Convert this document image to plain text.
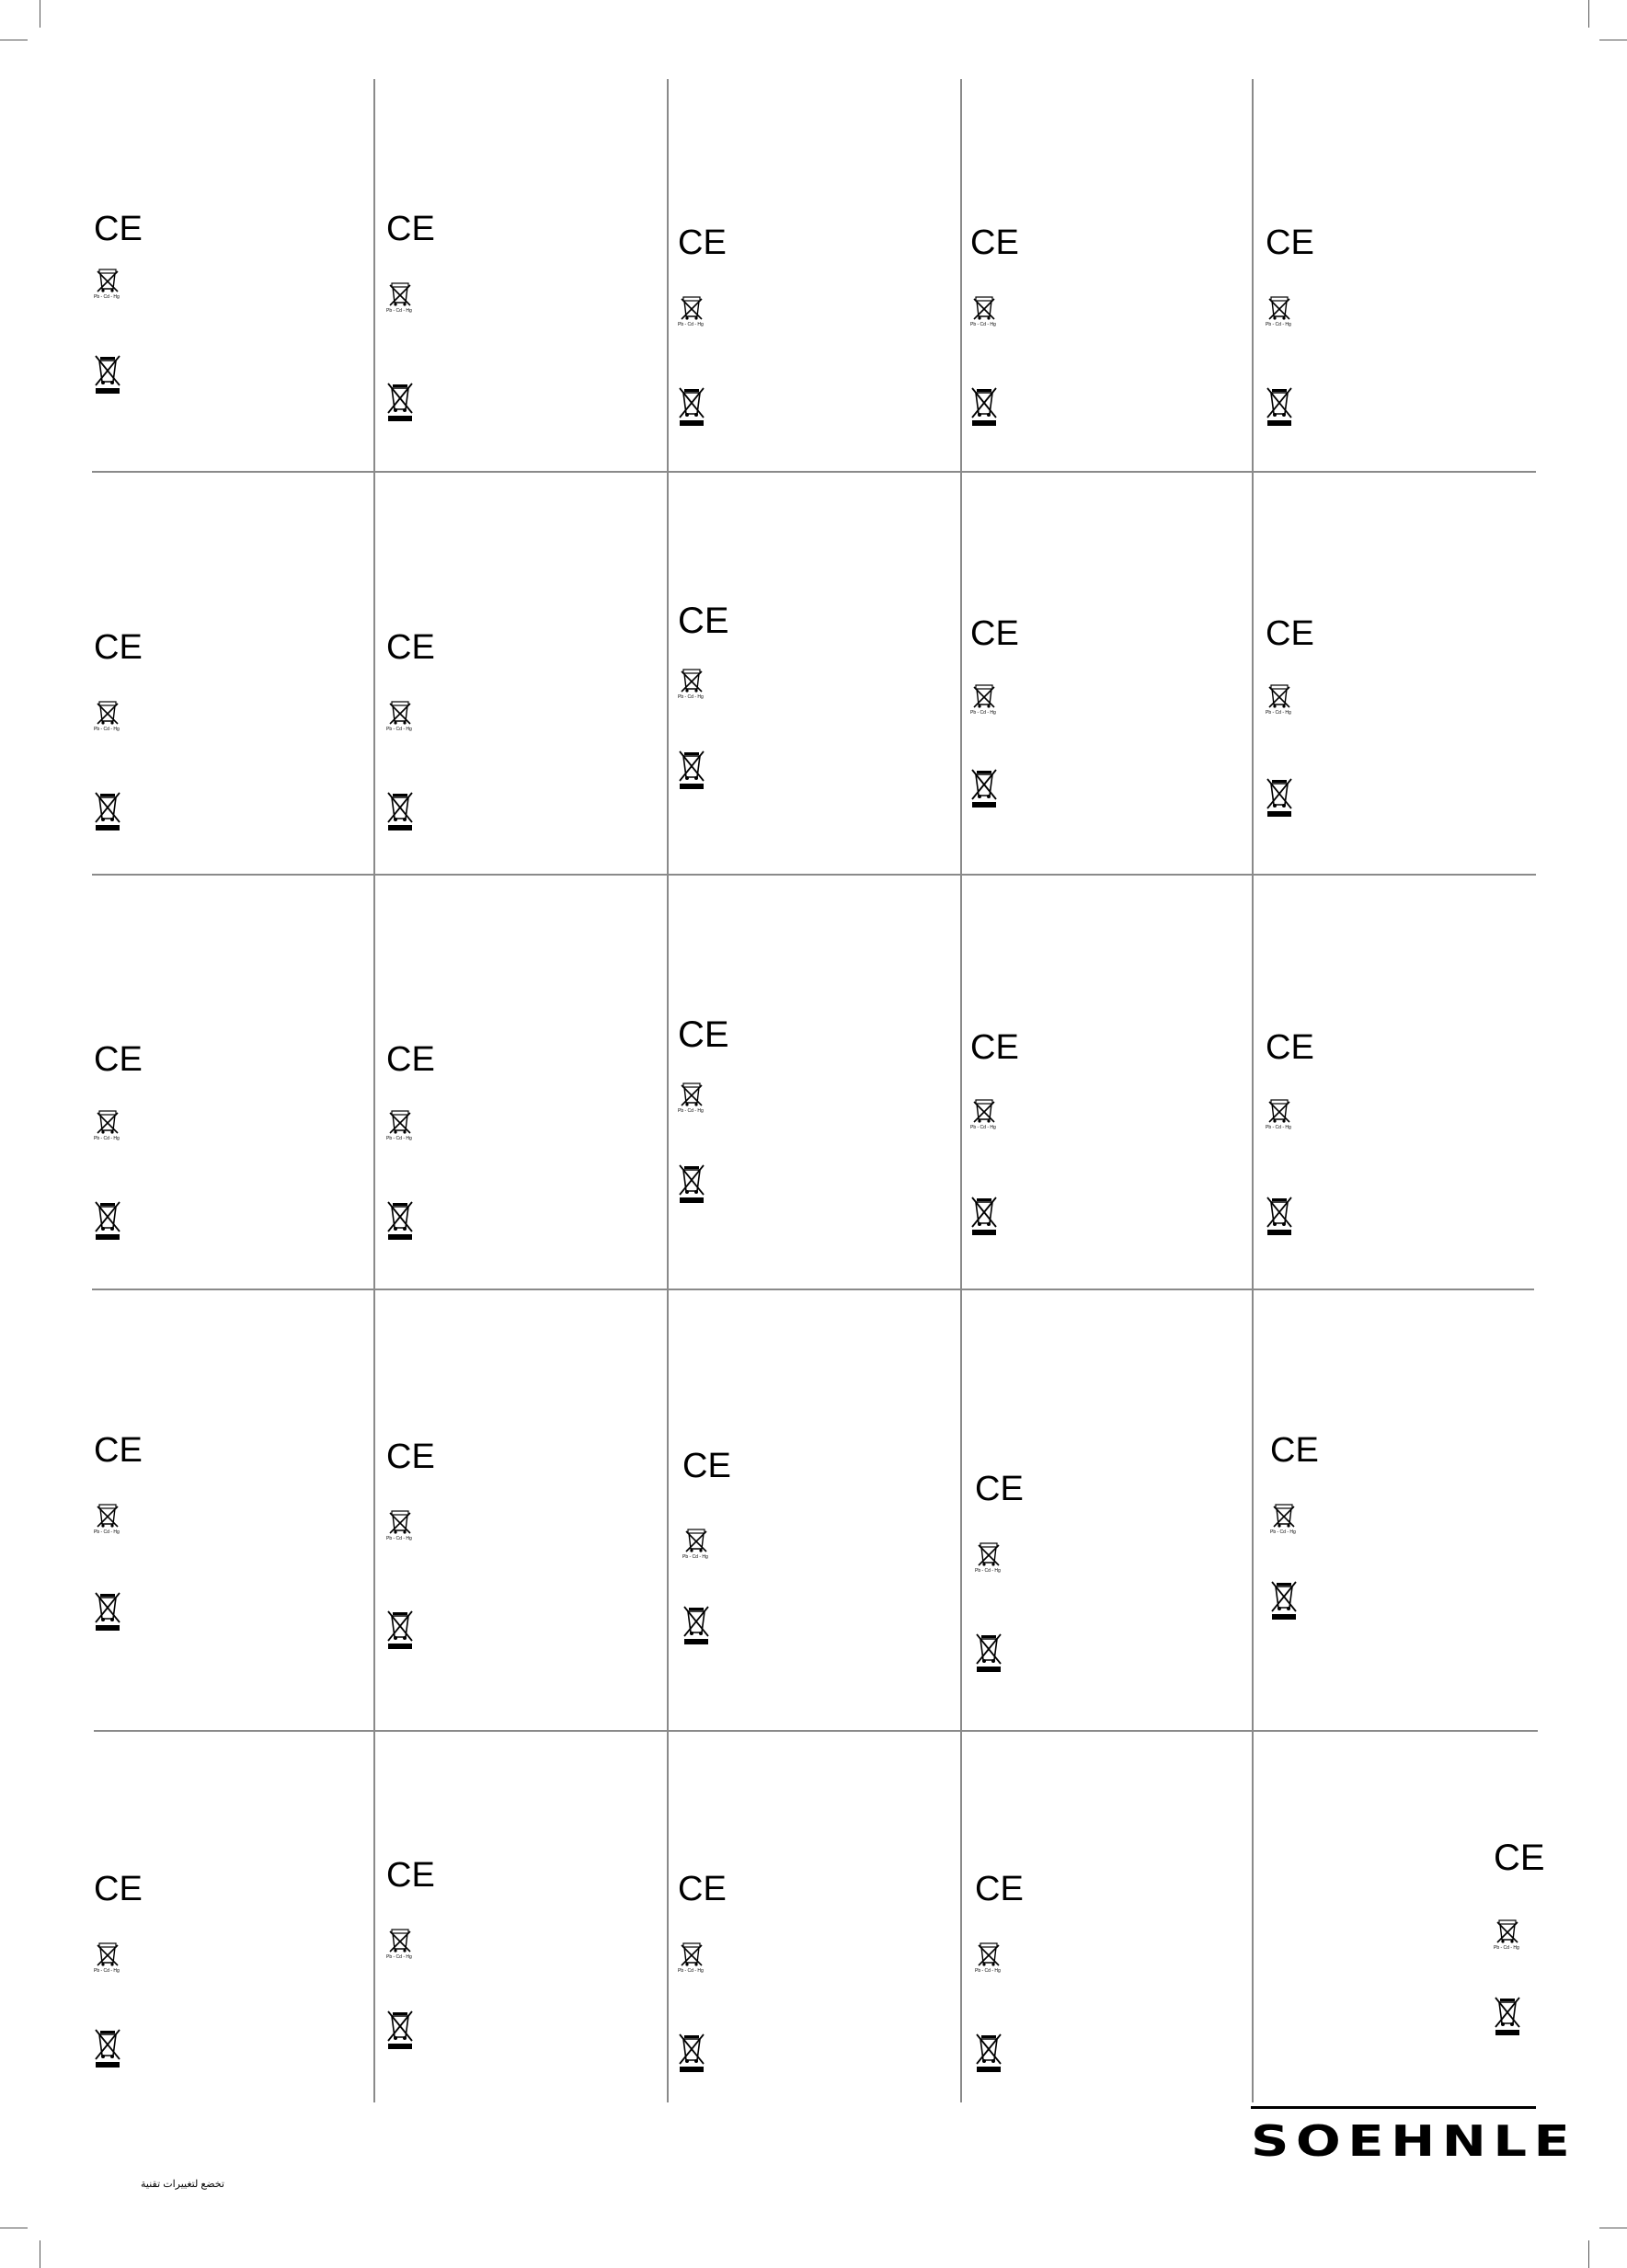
CE
Pb - Cd - Hg
CE
Pb - Cd - Hg
CE
Pb - Cd - Hg
CE
Pb - Cd - Hg
CE
Pb - Cd - Hg
CE
Pb - Cd - Hg
CE
Pb - Cd - Hg
CE
Pb - Cd - Hg
CE
Pb - Cd - Hg
CE
Pb - Cd - Hg
CE
Pb - Cd - Hg
CE
Pb - Cd - Hg
CE
Pb - Cd - Hg
CE
Pb - Cd - Hg
CE
Pb - Cd - Hg
CE
Pb - Cd - Hg
CE
Pb - Cd - Hg
CE
Pb - Cd - Hg
CE
Pb - Cd - Hg
CE
Pb - Cd - Hg
CE
Pb - Cd - Hg
CE
Pb - Cd - Hg
CE
Pb - Cd - Hg
CE
Pb - Cd - Hg
CE
Pb - Cd - Hg
SOEHNLE
تخضع لتغييرات تقنية
